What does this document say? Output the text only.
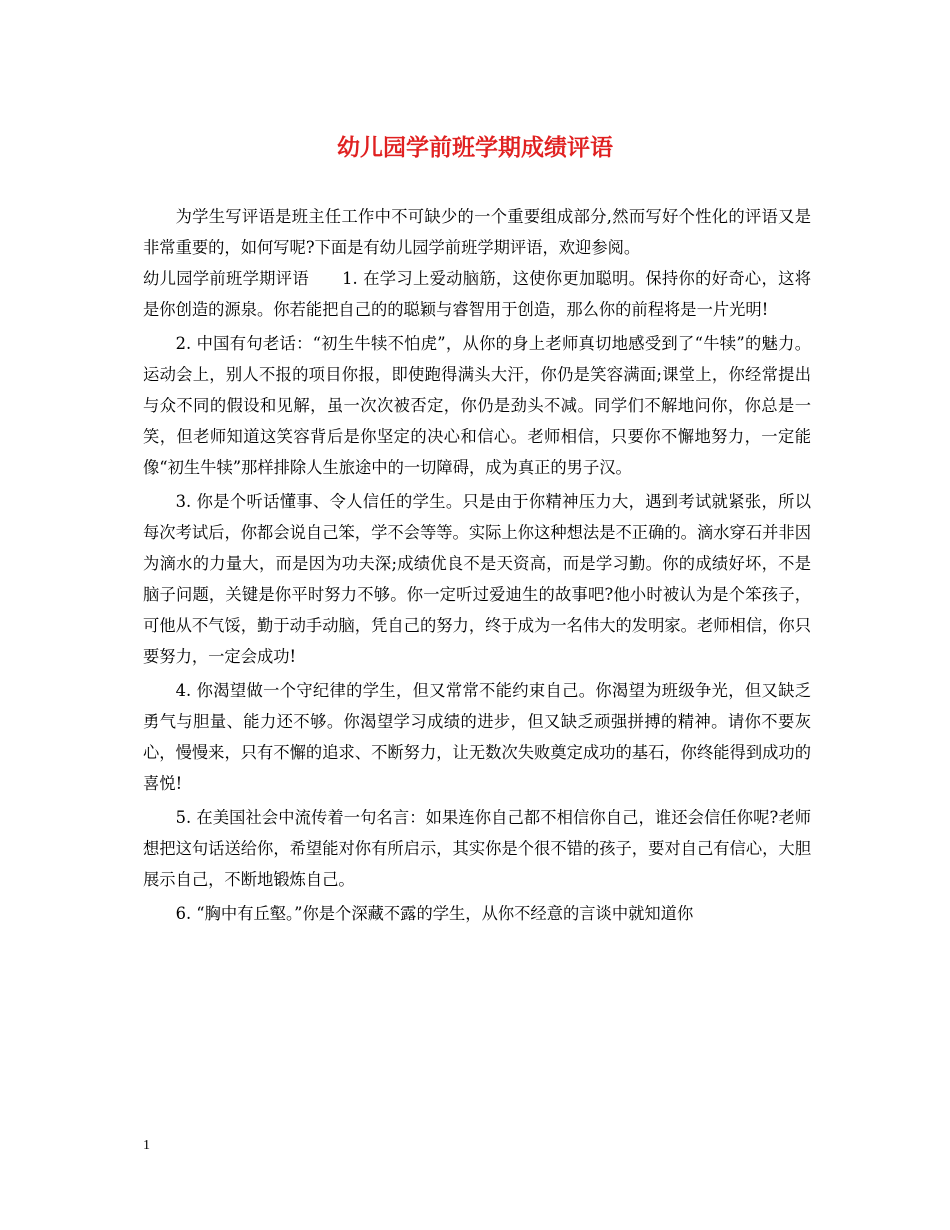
幼儿园学前班学期成绩评语

为学生写评语是班主任工作中不可缺少的一个重要组成部分,然而写好个性化的评语又是非常重要的，如何写呢?下面是有幼儿园学前班学期评语，欢迎参阅。

幼儿园学前班学期评语　　1. 在学习上爱动脑筋，这使你更加聪明。保持你的好奇心，这将是你创造的源泉。你若能把自己的的聪颖与睿智用于创造，那么你的前程将是一片光明!

2. 中国有句老话：“初生牛犊不怕虎”，从你的身上老师真切地感受到了“牛犊”的魅力。运动会上，别人不报的项目你报，即使跑得满头大汗，你仍是笑容满面;课堂上，你经常提出与众不同的假设和见解，虽一次次被否定，你仍是劲头不减。同学们不解地问你，你总是一笑，但老师知道这笑容背后是你坚定的决心和信心。老师相信，只要你不懈地努力，一定能像“初生牛犊”那样排除人生旅途中的一切障碍，成为真正的男子汉。

3. 你是个听话懂事、令人信任的学生。只是由于你精神压力大，遇到考试就紧张，所以每次考试后，你都会说自己笨，学不会等等。实际上你这种想法是不正确的。滴水穿石并非因为滴水的力量大，而是因为功夫深;成绩优良不是天资高，而是学习勤。你的成绩好坏，不是脑子问题，关键是你平时努力不够。你一定听过爱迪生的故事吧?他小时被认为是个笨孩子，可他从不气馁，勤于动手动脑，凭自己的努力，终于成为一名伟大的发明家。老师相信，你只要努力，一定会成功!

4. 你渴望做一个守纪律的学生，但又常常不能约束自己。你渴望为班级争光，但又缺乏勇气与胆量、能力还不够。你渴望学习成绩的进步，但又缺乏顽强拼搏的精神。请你不要灰心，慢慢来，只有不懈的追求、不断努力，让无数次失败奠定成功的基石，你终能得到成功的喜悦!

5. 在美国社会中流传着一句名言：如果连你自己都不相信你自己，谁还会信任你呢?老师想把这句话送给你，希望能对你有所启示，其实你是个很不错的孩子，要对自己有信心，大胆展示自己，不断地锻炼自己。

6. “胸中有丘壑。”你是个深藏不露的学生，从你不经意的言谈中就知道你

1
